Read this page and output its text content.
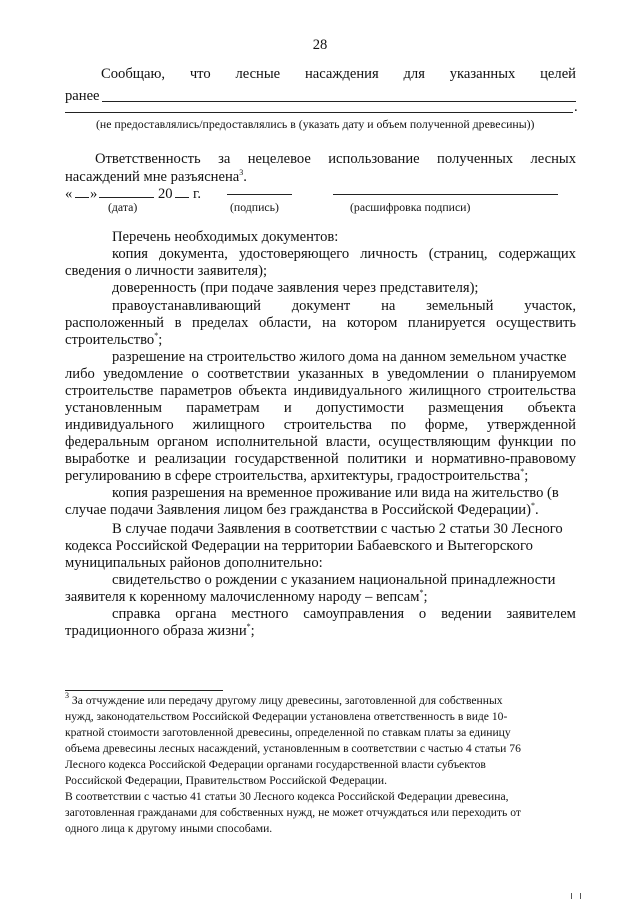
28
Сообщаю, что лесные насаждения для указанных целей
ранее
.
(не предоставлялись/предоставлялись в (указать дату и объем полученной древесины))
Ответственность за нецелевое использование полученных лесных
насаждений мне разъяснена$^3$.
« »	20 г.
(дата)	(подпись)	(расшифровка подписи)
Перечень необходимых документов:
копия документа, удостоверяющего личность (страниц, содержащих
сведения о личности заявителя);
доверенность (при подаче заявления через представителя);
правоустанавливающий документ на земельный участок,
расположенный в пределах области, на котором планируется осуществить
строительство*;
разрешение на строительство жилого дома на данном земельном участке
либо уведомление о соответствии указанных в уведомлении о планируемом
строительстве параметров объекта индивидуального жилищного строительства
установленным параметрам и допустимости размещения объекта
индивидуального жилищного строительства по форме, утвержденной
федеральным органом исполнительной власти, осуществляющим функции по
выработке и реализации государственной политики и нормативно-правовому
регулированию в сфере строительства, архитектуры, градостроительства*;
копия разрешения на временное проживание или вида на жительство (в
случае подачи Заявления лицом без гражданства в Российской Федерации)*.
В случае подачи Заявления в соответствии с частью 2 статьи 30 Лесного
кодекса Российской Федерации на территории Бабаевского и Вытегорского
муниципальных районов дополнительно:
свидетельство о рождении с указанием национальной принадлежности
заявителя к коренному малочисленному народу – вепсам*;
справка органа местного самоуправления о ведении заявителем
традиционного образа жизни*;
$^3$ За отчуждение или передачу другому лицу древесины, заготовленной для собственных
нужд, законодательством Российской Федерации установлена ответственность в виде 10-
кратной стоимости заготовленной древесины, определенной по ставкам платы за единицу
объема древесины лесных насаждений, установленным в соответствии с частью 4 статьи 76
Лесного кодекса Российской Федерации органами государственной власти субъектов
Российской Федерации, Правительством Российской Федерации.
В соответствии с частью 41 статьи 30 Лесного кодекса Российской Федерации древесина,
заготовленная гражданами для собственных нужд, не может отчуждаться или переходить от
одного лица к другому иными способами.
